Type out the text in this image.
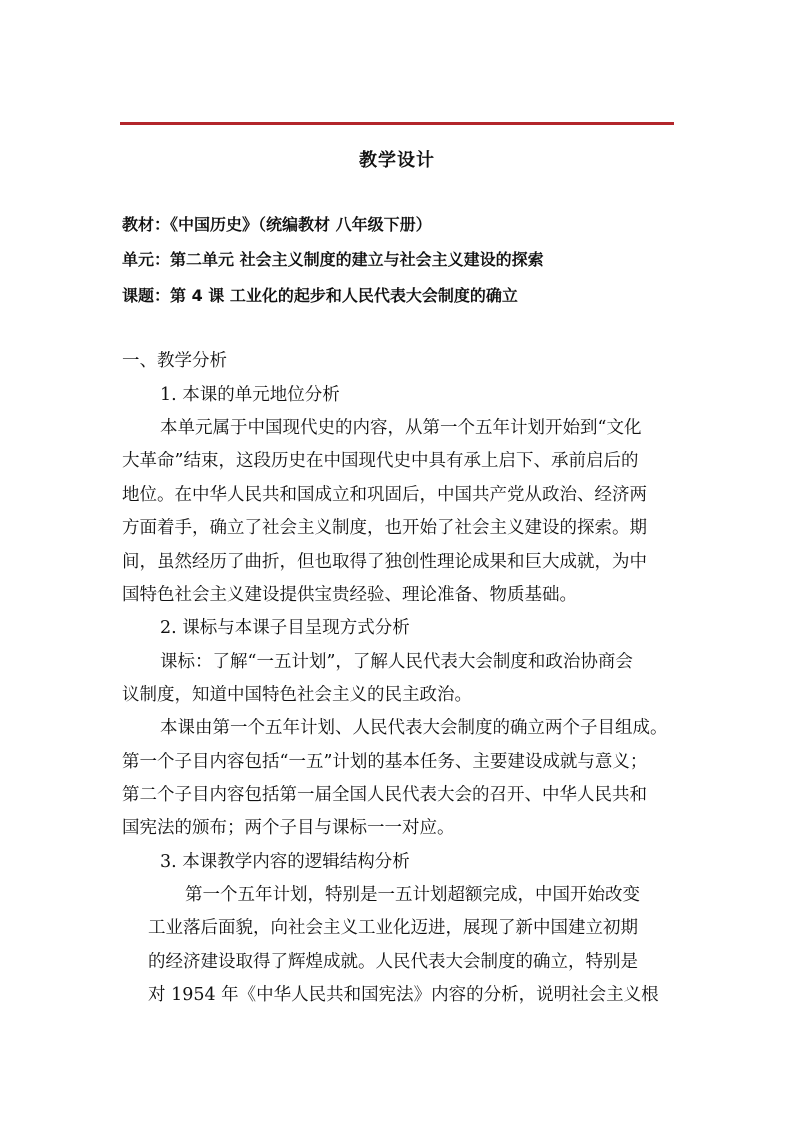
教学设计
教材：《中国历史》（统编教材 八年级下册）
单元：第二单元 社会主义制度的建立与社会主义建设的探索
课题：第 4 课 工业化的起步和人民代表大会制度的确立
一、教学分析
1. 本课的单元地位分析
本单元属于中国现代史的内容，从第一个五年计划开始到“文化
大革命”结束，这段历史在中国现代史中具有承上启下、承前启后的
地位。在中华人民共和国成立和巩固后，中国共产党从政治、经济两
方面着手，确立了社会主义制度，也开始了社会主义建设的探索。期
间，虽然经历了曲折，但也取得了独创性理论成果和巨大成就，为中
国特色社会主义建设提供宝贵经验、理论准备、物质基础。
2. 课标与本课子目呈现方式分析
课标：了解“一五计划”，了解人民代表大会制度和政治协商会
议制度，知道中国特色社会主义的民主政治。
本课由第一个五年计划、人民代表大会制度的确立两个子目组成。
第一个子目内容包括“一五”计划的基本任务、主要建设成就与意义；
第二个子目内容包括第一届全国人民代表大会的召开、中华人民共和
国宪法的颁布；两个子目与课标一一对应。
3. 本课教学内容的逻辑结构分析
第一个五年计划，特别是一五计划超额完成，中国开始改变
工业落后面貌，向社会主义工业化迈进，展现了新中国建立初期
的经济建设取得了辉煌成就。人民代表大会制度的确立，特别是
对 1954 年《中华人民共和国宪法》内容的分析，说明社会主义根
